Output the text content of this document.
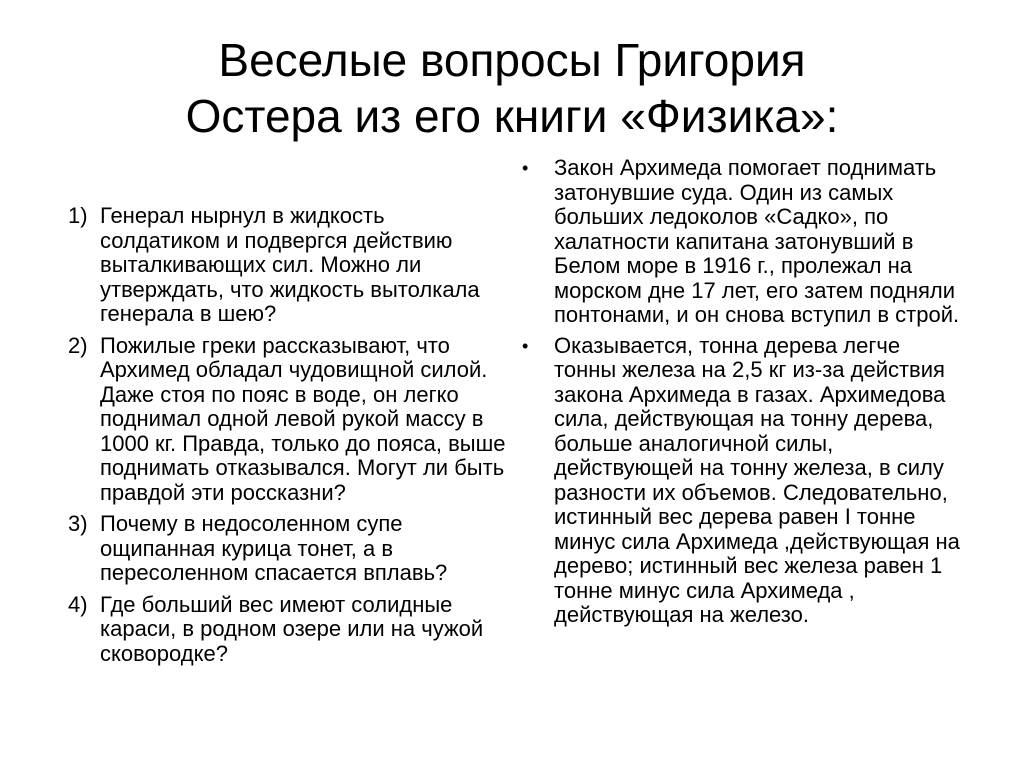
Веселые вопросы Григория
Остера из его книги «Физика»:
1) Генерал нырнул в жидкость солдатиком и подвергся действию выталкивающих сил. Можно ли утверждать, что жидкость вытолкала генерала в шею?
2) Пожилые греки рассказывают, что Архимед обладал чудовищной силой. Даже стоя по пояс в воде, он легко поднимал одной левой рукой массу в 1000 кг. Правда, только до пояса, выше поднимать отказывался. Могут ли быть правдой эти россказни?
3) Почему в недосоленном супе ощипанная курица тонет, а в пересоленном спасается вплавь?
4) Где больший вес имеют солидные караси, в родном озере или на чужой сковородке?
• Закон Архимеда помогает поднимать затонувшие суда. Один из самых больших ледоколов «Садко», по халатности капитана затонувший в Белом море в 1916 г., пролежал на морском дне 17 лет, его затем подняли понтонами, и он снова вступил в строй.
• Оказывается, тонна дерева легче тонны железа на 2,5 кг из-за действия закона Архимеда в газах. Архимедова сила, действующая на тонну дерева, больше аналогичной силы, действующей на тонну железа, в силу разности их объемов. Следовательно, истинный вес дерева равен I тонне минус сила Архимеда ,действующая на дерево; истинный вес железа равен 1 тонне минус сила Архимеда , действующая на железо.
